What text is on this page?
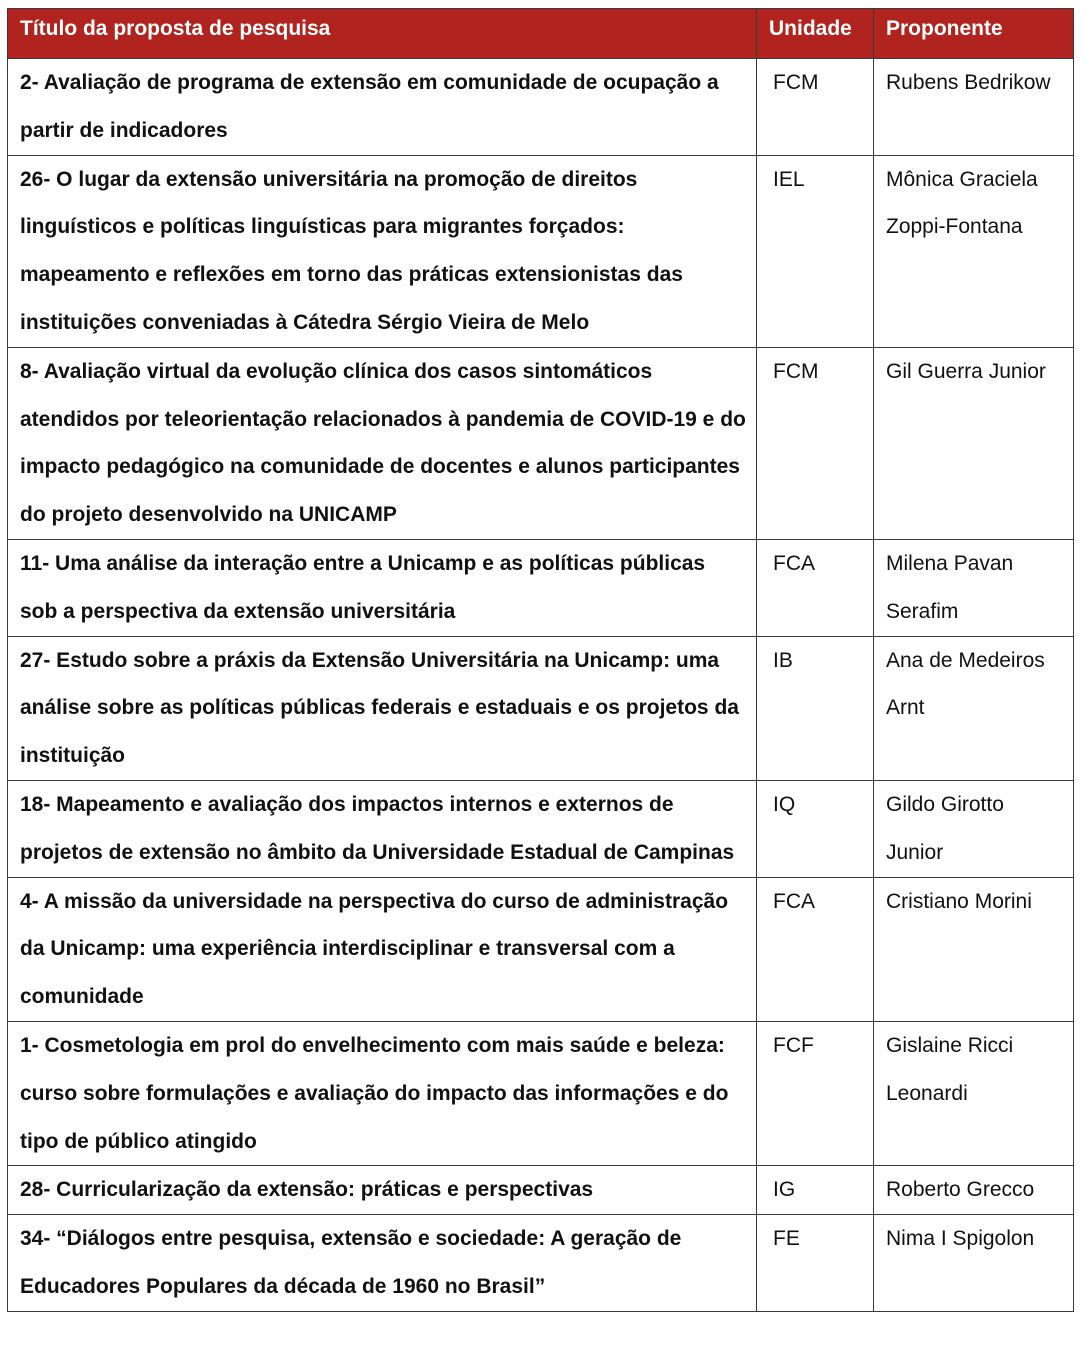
Título da proposta de pesquisa	Unidade	Proponente
2- Avaliação de programa de extensão em comunidade de ocupação a partir de indicadores	FCM	Rubens Bedrikow
26- O lugar da extensão universitária na promoção de direitos linguísticos e políticas linguísticas para migrantes forçados: mapeamento e reflexões em torno das práticas extensionistas das instituições conveniadas à Cátedra Sérgio Vieira de Melo	IEL	Mônica Graciela Zoppi-Fontana
8- Avaliação virtual da evolução clínica dos casos sintomáticos atendidos por teleorientação relacionados à pandemia de COVID-19 e do impacto pedagógico na comunidade de docentes e alunos participantes do projeto desenvolvido na UNICAMP	FCM	Gil Guerra Junior
11- Uma análise da interação entre a Unicamp e as políticas públicas sob a perspectiva da extensão universitária	FCA	Milena Pavan Serafim
27- Estudo sobre a práxis da Extensão Universitária na Unicamp: uma análise sobre as políticas públicas federais e estaduais e os projetos da instituição	IB	Ana de Medeiros Arnt
18- Mapeamento e avaliação dos impactos internos e externos de projetos de extensão no âmbito da Universidade Estadual de Campinas	IQ	Gildo Girotto Junior
4- A missão da universidade na perspectiva do curso de administração da Unicamp: uma experiência interdisciplinar e transversal com a comunidade	FCA	Cristiano Morini
1- Cosmetologia em prol do envelhecimento com mais saúde e beleza: curso sobre formulações e avaliação do impacto das informações e do tipo de público atingido	FCF	Gislaine Ricci Leonardi
28- Curricularização da extensão: práticas e perspectivas	IG	Roberto Grecco
34- “Diálogos entre pesquisa, extensão e sociedade: A geração de Educadores Populares da década de 1960 no Brasil”	FE	Nima I Spigolon
